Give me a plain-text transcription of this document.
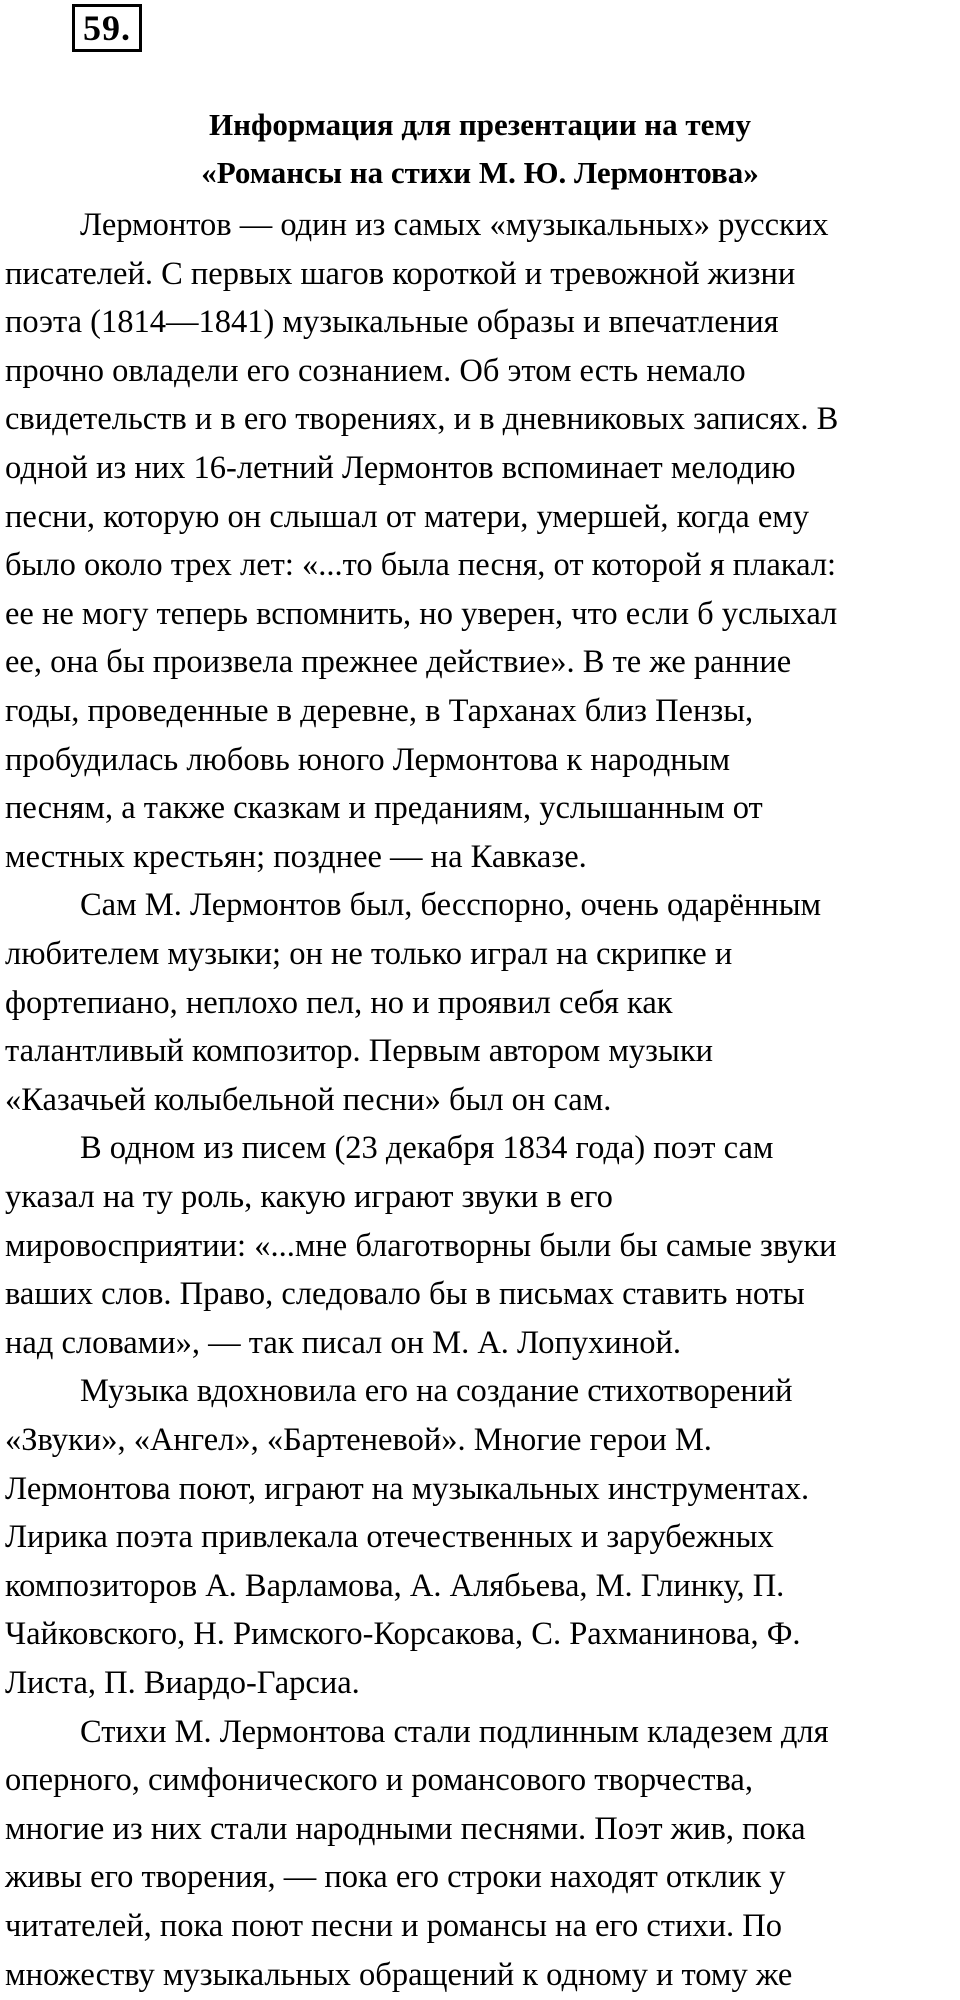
59.
Информация для презентации на тему
«Романсы на стихи М. Ю. Лермонтова»
Лермонтов — один из самых «музыкальных» русских
писателей. С первых шагов короткой и тревожной жизни
поэта (1814—1841) музыкальные образы и впечатления
прочно овладели его сознанием. Об этом есть немало
свидетельств и в его творениях, и в дневниковых записях. В
одной из них 16-летний Лермонтов вспоминает мелодию
песни, которую он слышал от матери, умершей, когда ему
было около трех лет: «...то была песня, от которой я плакал:
ее не могу теперь вспомнить, но уверен, что если б услыхал
ее, она бы произвела прежнее действие». В те же ранние
годы, проведенные в деревне, в Тарханах близ Пензы,
пробудилась любовь юного Лермонтова к народным
песням, а также сказкам и преданиям, услышанным от
местных крестьян; позднее — на Кавказе.
Сам М. Лермонтов был, бесспорно, очень одарённым
любителем музыки; он не только играл на скрипке и
фортепиано, неплохо пел, но и проявил себя как
талантливый композитор. Первым автором музыки
«Казачьей колыбельной песни» был он сам.
В одном из писем (23 декабря 1834 года) поэт сам
указал на ту роль, какую играют звуки в его
мировосприятии: «...мне благотворны были бы самые звуки
ваших слов. Право, следовало бы в письмах ставить ноты
над словами», — так писал он М. А. Лопухиной.
Музыка вдохновила его на создание стихотворений
«Звуки», «Ангел», «Бартеневой». Многие герои М.
Лермонтова поют, играют на музыкальных инструментах.
Лирика поэта привлекала отечественных и зарубежных
композиторов А. Варламова, А. Алябьева, М. Глинку, П.
Чайковского, Н. Римского-Корсакова, С. Рахманинова, Ф.
Листа, П. Виардо-Гарсиа.
Стихи М. Лермонтова стали подлинным кладезем для
оперного, симфонического и романсового творчества,
многие из них стали народными песнями. Поэт жив, пока
живы его творения, — пока его строки находят отклик у
читателей, пока поют песни и романсы на его стихи. По
множеству музыкальных обращений к одному и тому же
